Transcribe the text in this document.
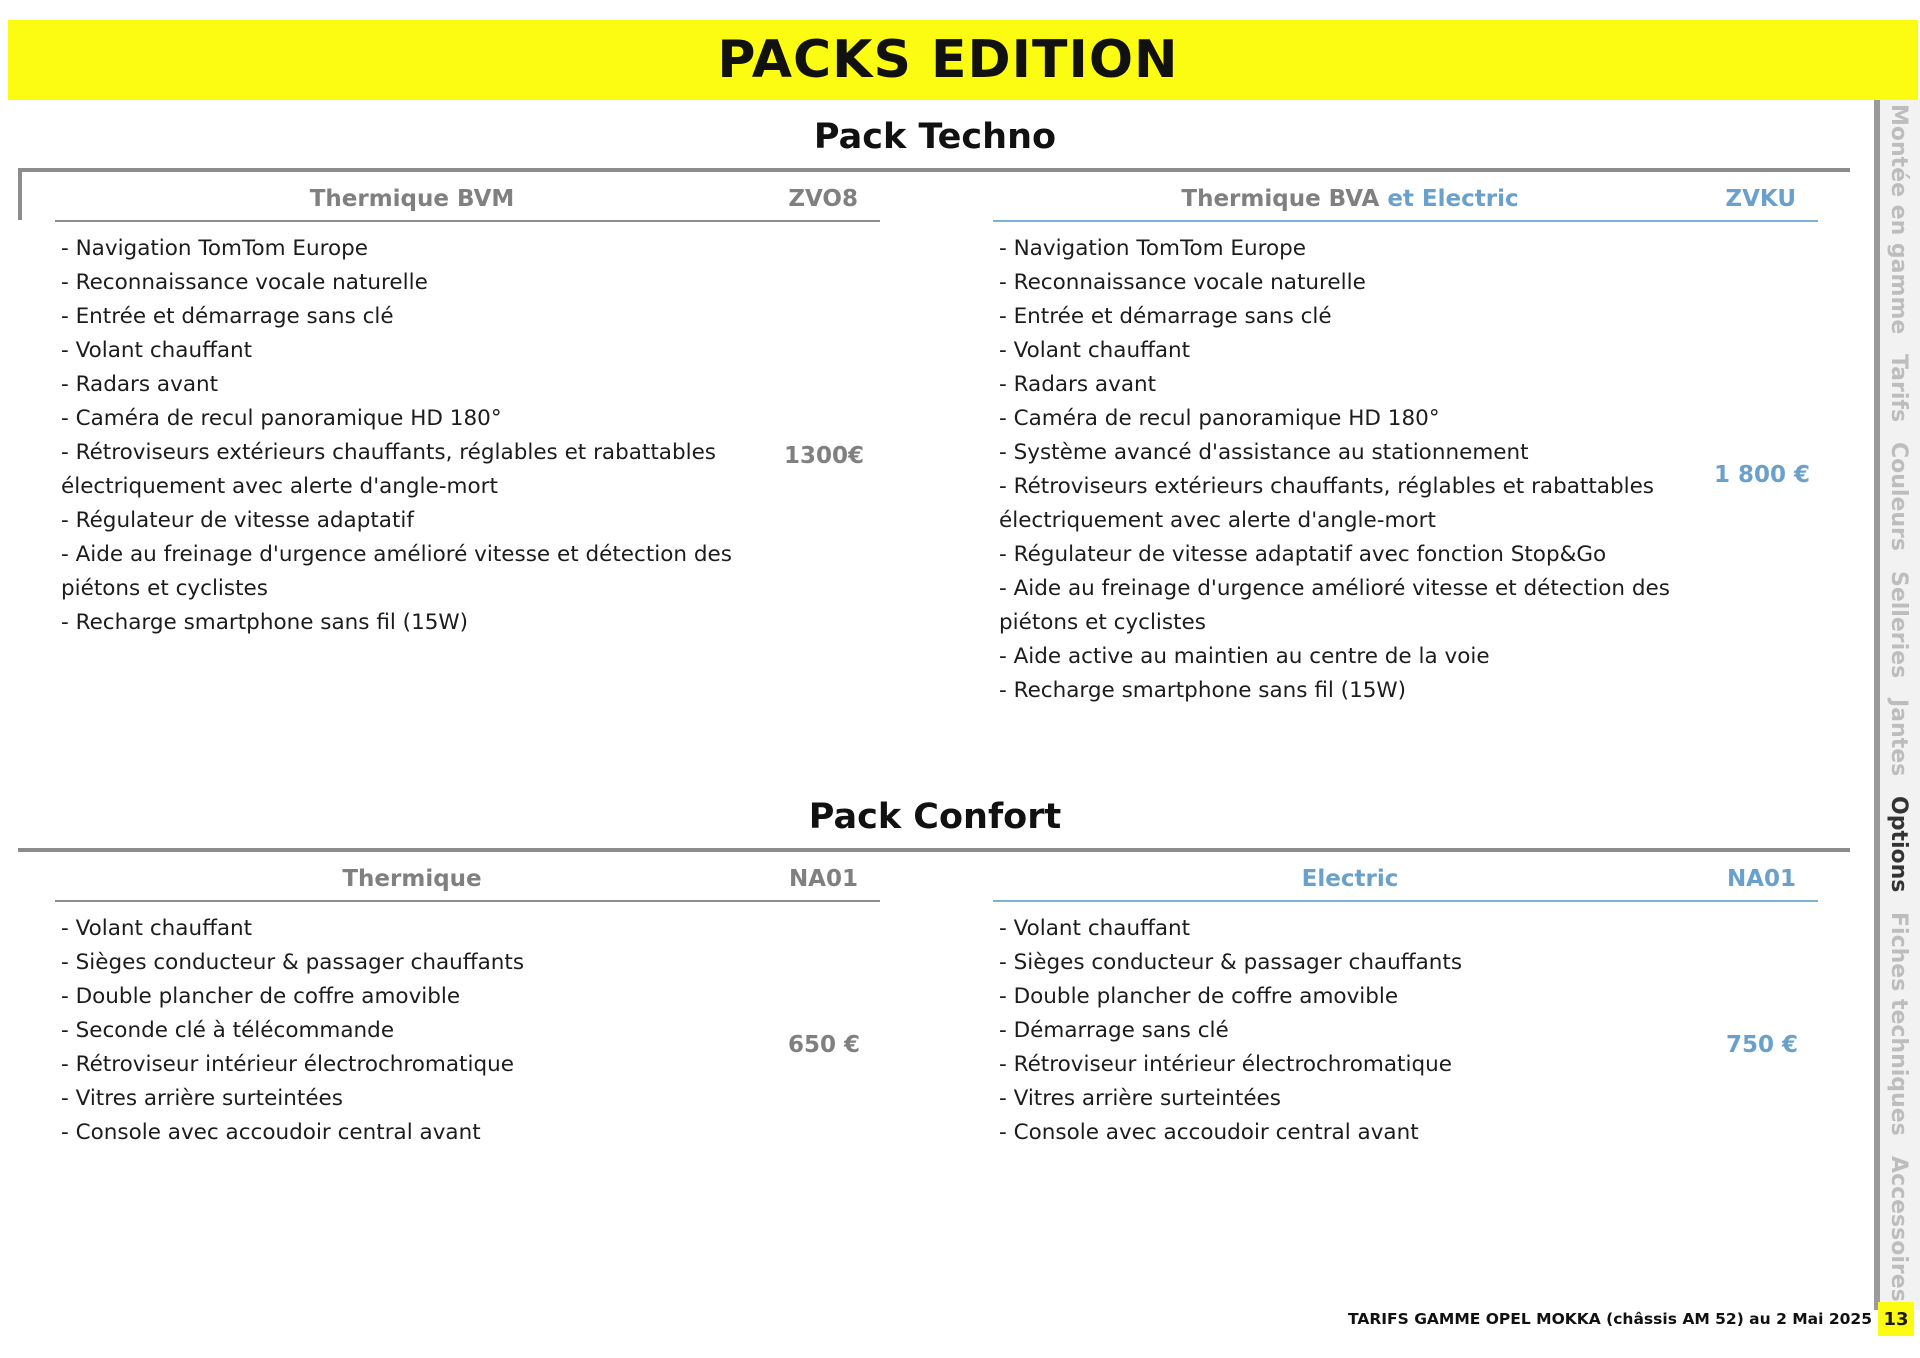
PACKS EDITION
Pack Techno
Thermique BVM	ZVO8
- Navigation TomTom Europe
- Reconnaissance vocale naturelle
- Entrée et démarrage sans clé
- Volant chauffant
- Radars avant
- Caméra de recul panoramique HD 180°
- Rétroviseurs extérieurs chauffants, réglables et rabattables
électriquement avec alerte d'angle-mort
- Régulateur de vitesse adaptatif
- Aide au freinage d'urgence amélioré vitesse et détection des
piétons et cyclistes
- Recharge smartphone sans fil (15W)
1300€
Thermique BVA et Electric	ZVKU
- Navigation TomTom Europe
- Reconnaissance vocale naturelle
- Entrée et démarrage sans clé
- Volant chauffant
- Radars avant
- Caméra de recul panoramique HD 180°
- Système avancé d'assistance au stationnement
- Rétroviseurs extérieurs chauffants, réglables et rabattables
électriquement avec alerte d'angle-mort
- Régulateur de vitesse adaptatif avec fonction Stop&Go
- Aide au freinage d'urgence amélioré vitesse et détection des
piétons et cyclistes
- Aide active au maintien au centre de la voie
- Recharge smartphone sans fil (15W)
1 800 €
Pack Confort
Thermique	NA01
- Volant chauffant
- Sièges conducteur & passager chauffants
- Double plancher de coffre amovible
- Seconde clé à télécommande
- Rétroviseur intérieur électrochromatique
- Vitres arrière surteintées
- Console avec accoudoir central avant
650 €
Electric	NA01
- Volant chauffant
- Sièges conducteur & passager chauffants
- Double plancher de coffre amovible
- Démarrage sans clé
- Rétroviseur intérieur électrochromatique
- Vitres arrière surteintées
- Console avec accoudoir central avant
750 €
Montée en gamme
Tarifs
Couleurs
Selleries
Jantes
Options
Fiches techniques
Accessoires
TARIFS GAMME OPEL MOKKA (châssis AM 52) au 2 Mai 2025 13
